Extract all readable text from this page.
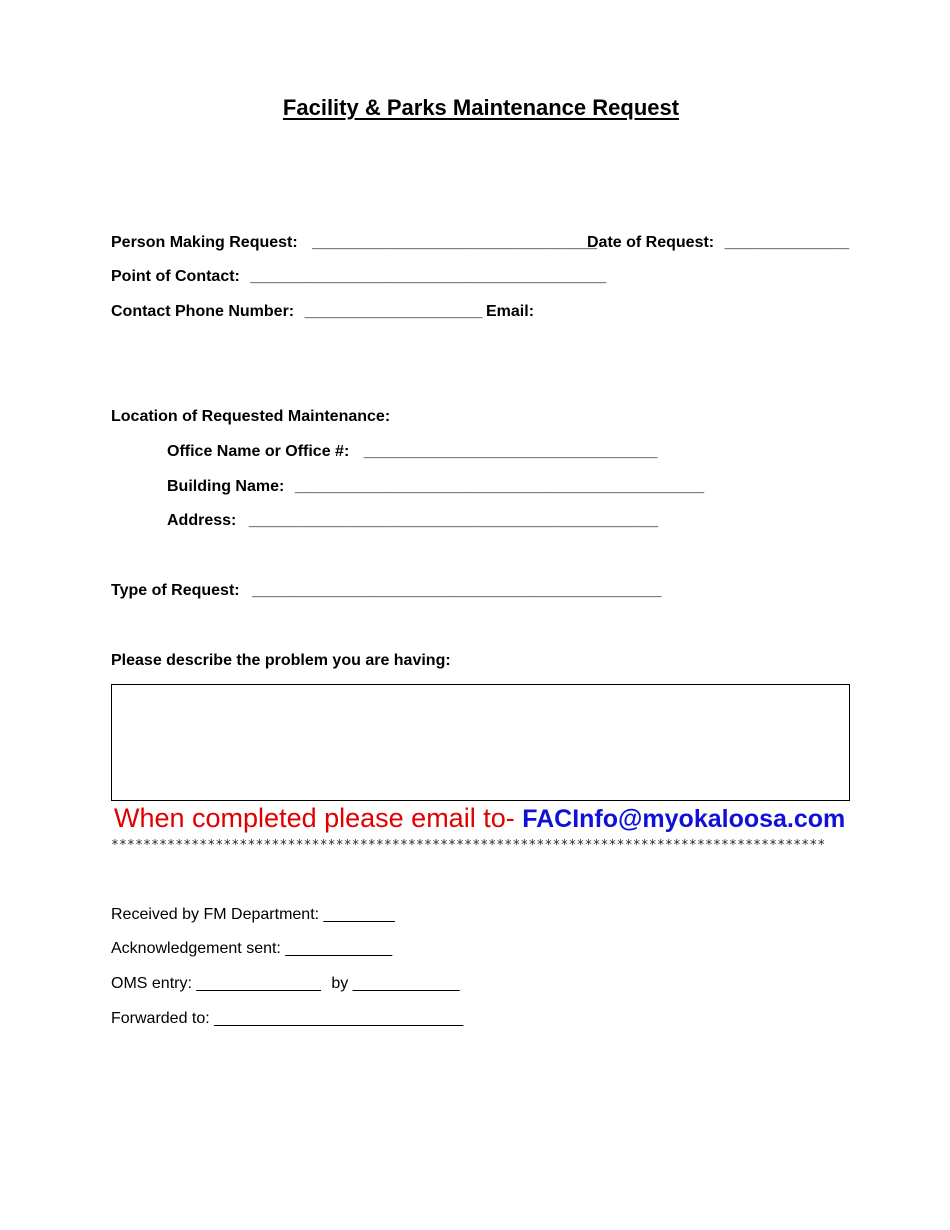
Facility & Parks Maintenance Request
Person Making Request: ________________________________
Date of Request: ______________
Point of Contact: ________________________________________
Contact Phone Number: ____________________ Email:
Location of Requested Maintenance:
Office Name or Office #: _________________________________
Building Name: ______________________________________________
Address: ______________________________________________
Type of Request: ______________________________________________
Please describe the problem you are having:
When completed please email to- FACInfo@myokaloosa.com
*****************************************************************************************
Received by FM Department: ________
Acknowledgement sent: ____________
OMS entry: ______________ by ____________
Forwarded to: ____________________________
